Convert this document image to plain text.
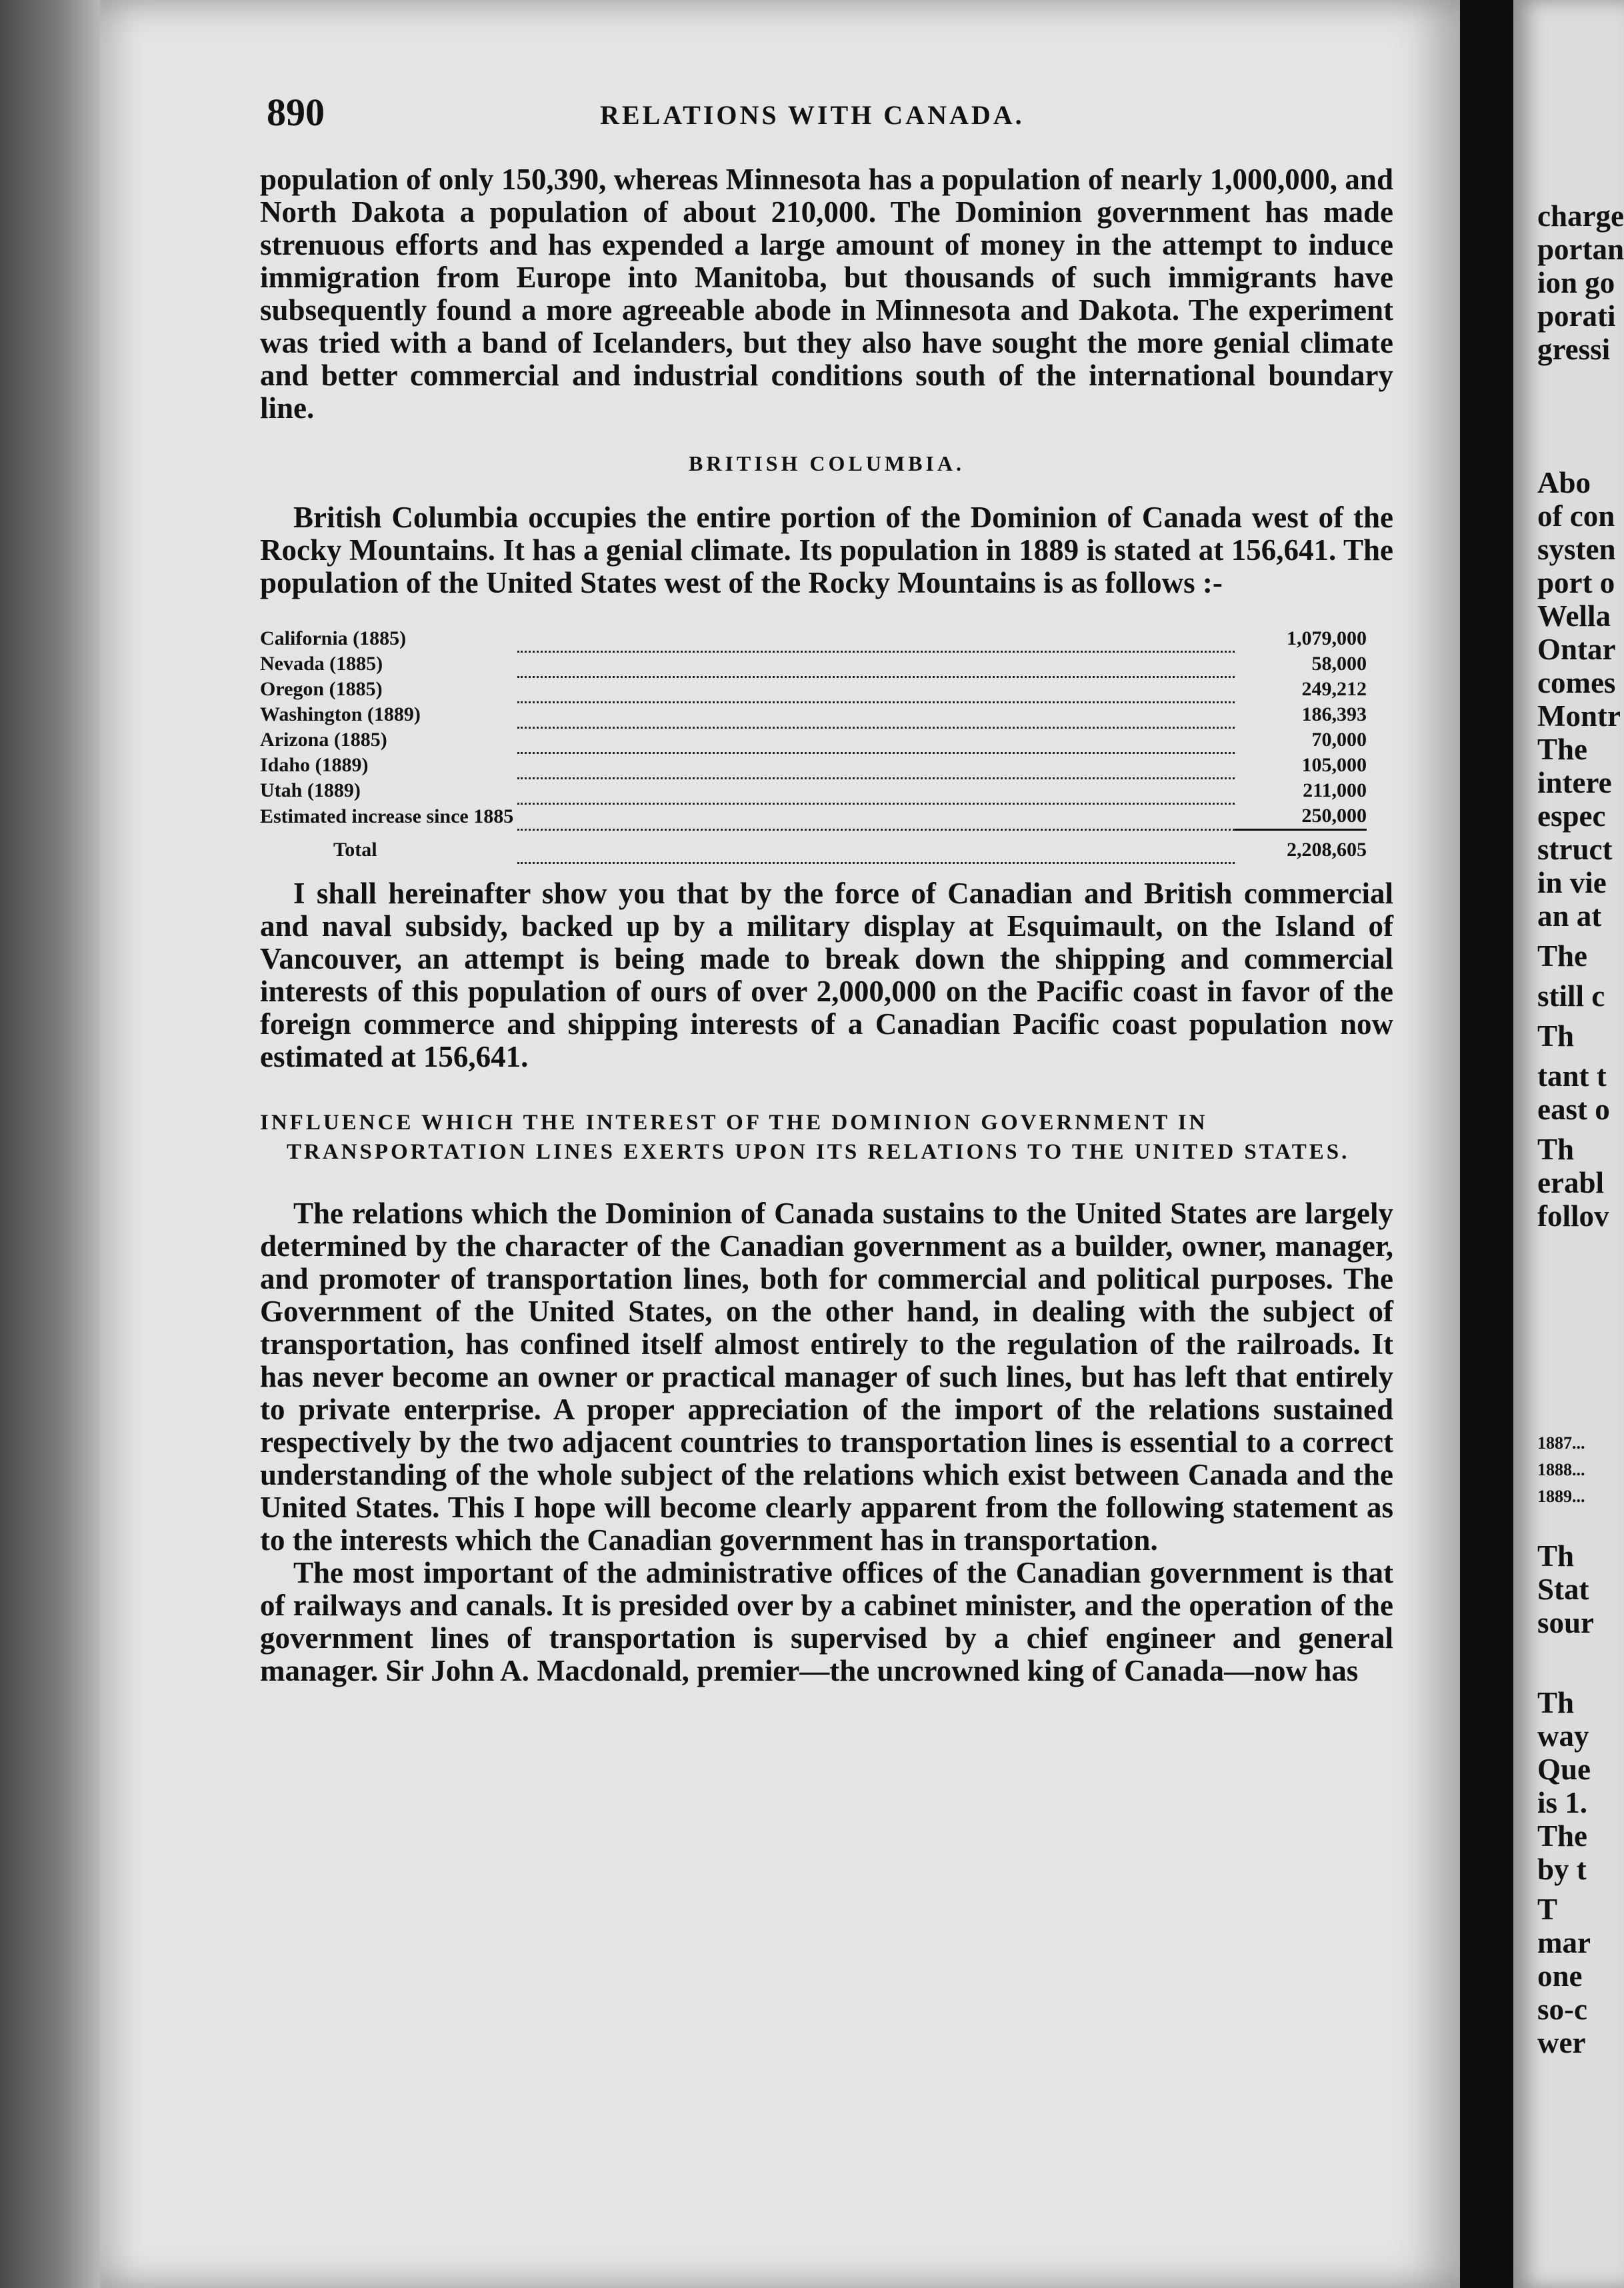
890	RELATIONS WITH CANADA.

population of only 150,390, whereas Minnesota has a population of nearly 1,000,000, and North Dakota a population of about 210,000. The Dominion government has made strenuous efforts and has expended a large amount of money in the attempt to induce immigration from Europe into Manitoba, but thousands of such immigrants have subsequently found a more agreeable abode in Minnesota and Dakota. The experiment was tried with a band of Icelanders, but they also have sought the more genial climate and better commercial and industrial conditions south of the international boundary line.

BRITISH COLUMBIA.

British Columbia occupies the entire portion of the Dominion of Canada west of the Rocky Mountains. It has a genial climate. Its population in 1889 is stated at 156,641. The population of the United States west of the Rocky Mountains is as follows :-

California (1885)		1,079,000
Nevada (1885)		58,000
Oregon (1885)		249,212
Washington (1889)		186,393
Arizona (1885)		70,000
Idaho (1889)		105,000
Utah (1889)		211,000
Estimated increase since 1885		250,000

Total		2,208,605

I shall hereinafter show you that by the force of Canadian and British commercial and naval subsidy, backed up by a military display at Esquimault, on the Island of Vancouver, an attempt is being made to break down the shipping and commercial interests of this population of ours of over 2,000,000 on the Pacific coast in favor of the foreign commerce and shipping interests of a Canadian Pacific coast population now estimated at 156,641.

INFLUENCE WHICH THE INTEREST OF THE DOMINION GOVERNMENT IN TRANSPORTATION LINES EXERTS UPON ITS RELATIONS TO THE UNITED STATES.

The relations which the Dominion of Canada sustains to the United States are largely determined by the character of the Canadian government as a builder, owner, manager, and promoter of transportation lines, both for commercial and political purposes. The Government of the United States, on the other hand, in dealing with the subject of transportation, has confined itself almost entirely to the regulation of the railroads. It has never become an owner or practical manager of such lines, but has left that entirely to private enterprise. A proper appreciation of the import of the relations sustained respectively by the two adjacent countries to transportation lines is essential to a correct understanding of the whole subject of the relations which exist between Canada and the United States. This I hope will become clearly apparent from the following statement as to the interests which the Canadian government has in transportation.

The most important of the administrative offices of the Canadian government is that of railways and canals. It is presided over by a cabinet minister, and the operation of the government lines of transportation is supervised by a chief engineer and general manager. Sir John A. Macdonald, premier—the uncrowned king of Canada—now has

charge
portan
ion go
porati
gressi
Abo
of con
systen
port o
Wella
Ontar
comes
Montr
The
intere
espec
struct
in vie
an at
The
still c
Th
tant t
east o
Th
erabl
follov
1887...
1888...
1889...
Th
Stat
sour
Th
way
Que
is 1.
The
by t
T
mar
one
so-c
wer
